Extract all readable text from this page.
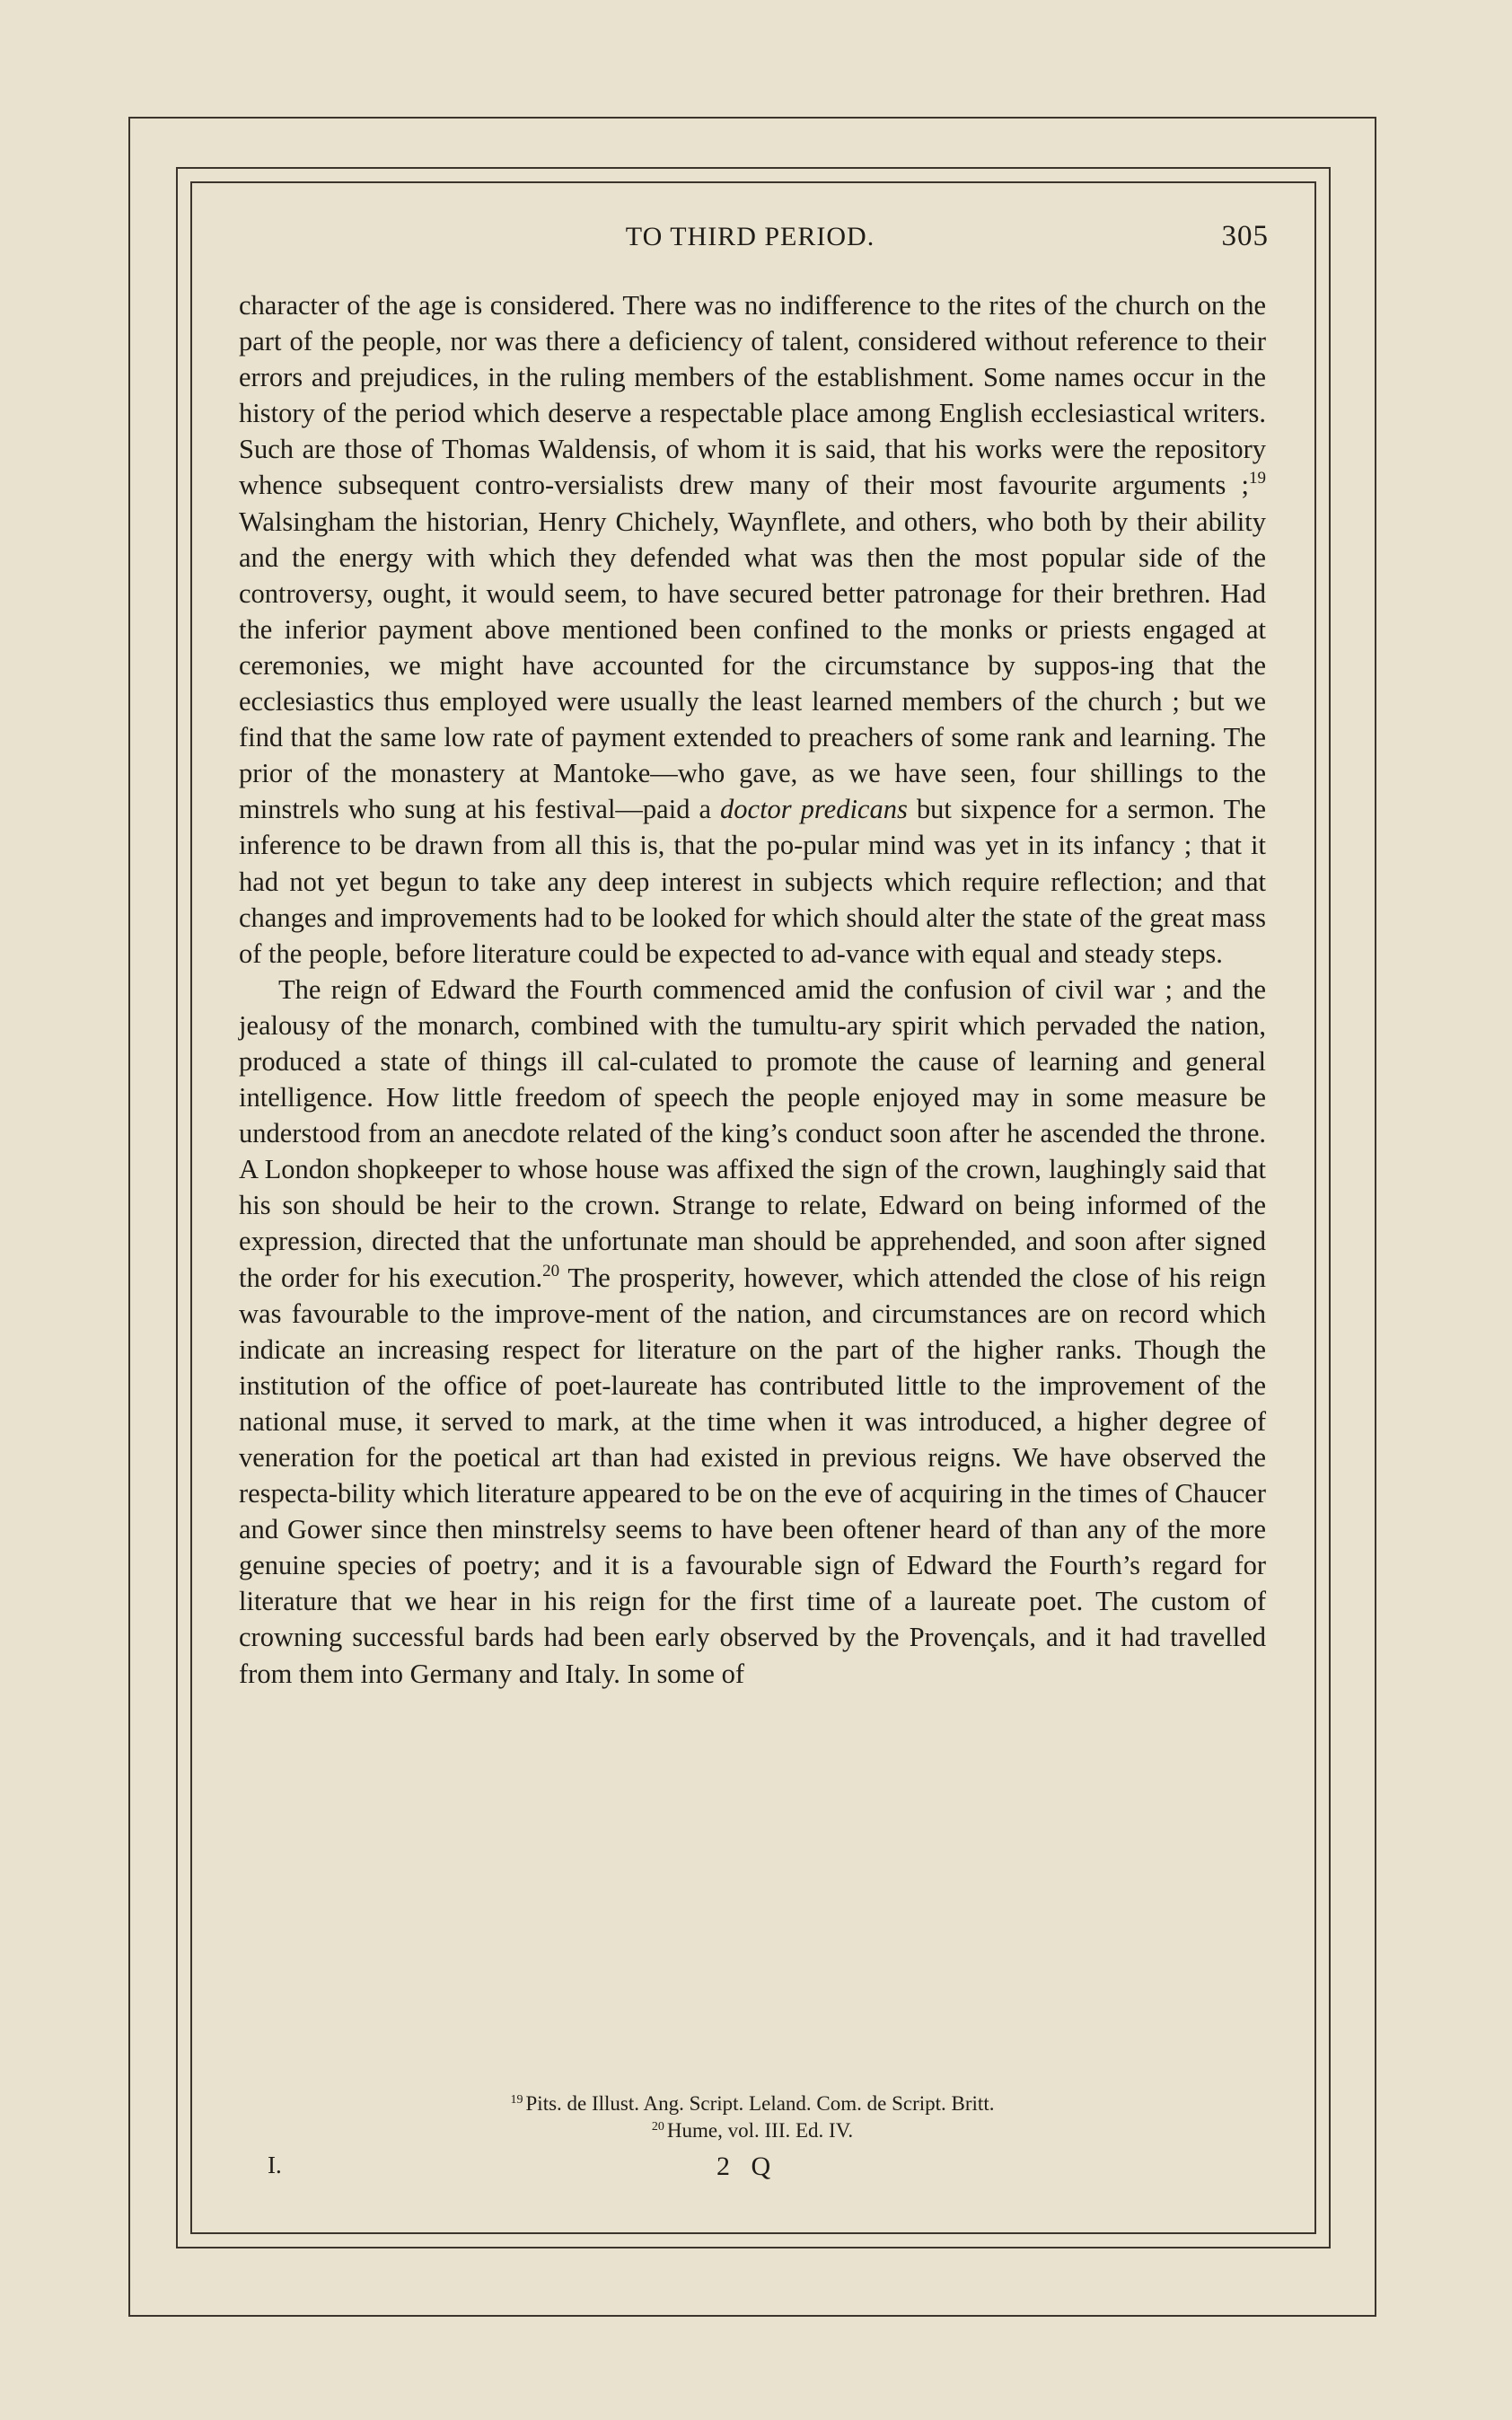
TO THIRD PERIOD.	305

character of the age is considered. There was no indifference to the rites of the church on the part of the people, nor was there a deficiency of talent, considered without reference to their errors and prejudices, in the ruling members of the establishment. Some names occur in the history of the period which deserve a respectable place among English ecclesiastical writers. Such are those of Thomas Waldensis, of whom it is said, that his works were the repository whence subsequent contro-versialists drew many of their most favourite arguments ;$^{19}$ Walsingham the historian, Henry Chichely, Waynflete, and others, who both by their ability and the energy with which they defended what was then the most popular side of the controversy, ought, it would seem, to have secured better patronage for their brethren. Had the inferior payment above mentioned been confined to the monks or priests engaged at ceremonies, we might have accounted for the circumstance by suppos-ing that the ecclesiastics thus employed were usually the least learned members of the church ; but we find that the same low rate of payment extended to preachers of some rank and learning. The prior of the monastery at Mantoke—who gave, as we have seen, four shillings to the minstrels who sung at his festival—paid a doctor predicans but sixpence for a sermon. The inference to be drawn from all this is, that the po-pular mind was yet in its infancy ; that it had not yet begun to take any deep interest in subjects which require reflection; and that changes and improvements had to be looked for which should alter the state of the great mass of the people, before literature could be expected to ad-vance with equal and steady steps.

The reign of Edward the Fourth commenced amid the confusion of civil war ; and the jealousy of the monarch, combined with the tumultu-ary spirit which pervaded the nation, produced a state of things ill cal-culated to promote the cause of learning and general intelligence. How little freedom of speech the people enjoyed may in some measure be understood from an anecdote related of the king’s conduct soon after he ascended the throne. A London shopkeeper to whose house was affixed the sign of the crown, laughingly said that his son should be heir to the crown. Strange to relate, Edward on being informed of the expression, directed that the unfortunate man should be apprehended, and soon after signed the order for his execution.$^{20}$ The prosperity, however, which attended the close of his reign was favourable to the improve-ment of the nation, and circumstances are on record which indicate an increasing respect for literature on the part of the higher ranks. Though the institution of the office of poet-laureate has contributed little to the improvement of the national muse, it served to mark, at the time when it was introduced, a higher degree of veneration for the poetical art than had existed in previous reigns. We have observed the respecta-bility which literature appeared to be on the eve of acquiring in the times of Chaucer and Gower since then minstrelsy seems to have been oftener heard of than any of the more genuine species of poetry; and it is a favourable sign of Edward the Fourth’s regard for literature that we hear in his reign for the first time of a laureate poet. The custom of crowning successful bards had been early observed by the Provençals, and it had travelled from them into Germany and Italy. In some of

$^{19}$ Pits. de Illust. Ang. Script. Leland. Com. de Script. Britt.
$^{20}$ Hume, vol. III. Ed. IV.
I.	2 Q
